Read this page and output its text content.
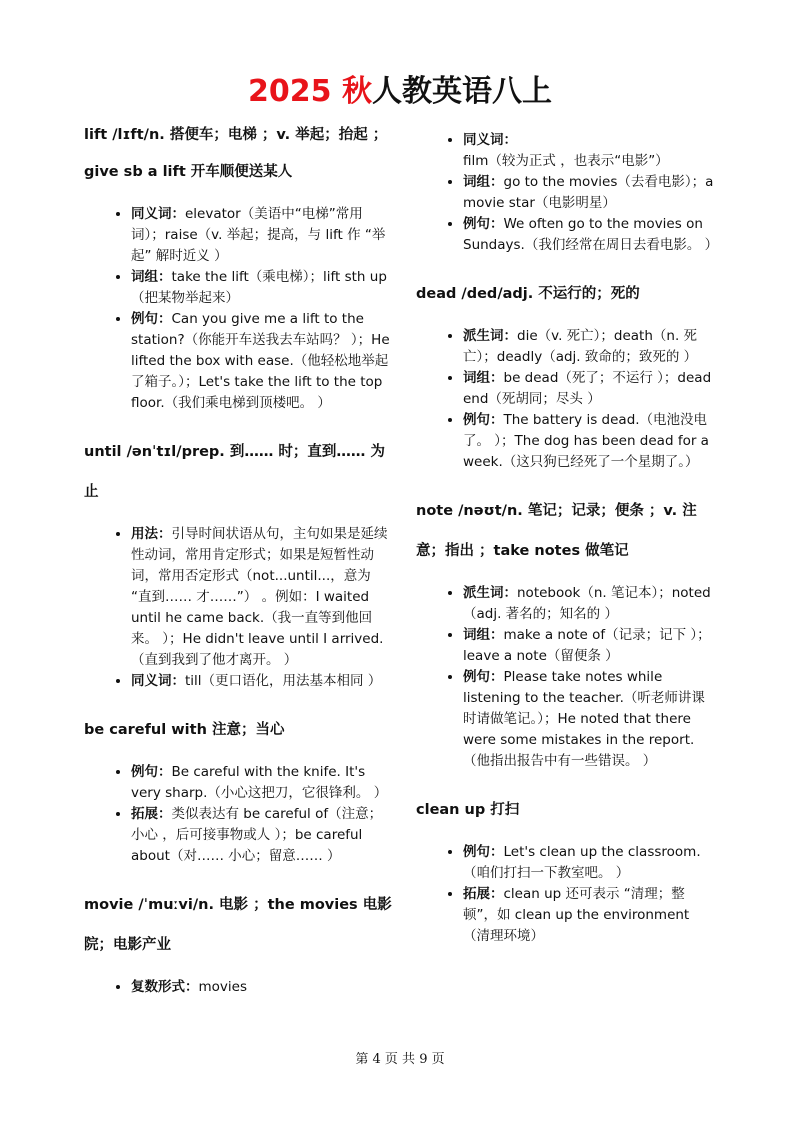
2025 秋人教英语八上

lift /lɪft/n. 搭便车；电梯 ；v. 举起；抬起 ；

give sb a lift 开车顺便送某人

• 同义词：elevator（美语中“电梯”常用词）；raise（v. 举起；提高，与 lift 作 “举起” 解时近义 ）
• 词组：take the lift（乘电梯）；lift sth up（把某物举起来）
• 例句：Can you give me a lift to the station?（你能开车送我去车站吗？ ）；He lifted the box with ease.（他轻松地举起了箱子。）；Let's take the lift to the top floor.（我们乘电梯到顶楼吧。 ）

until /ənˈtɪl/prep. 到…… 时；直到…… 为止

• 用法：引导时间状语从句，主句如果是延续性动词，常用肯定形式；如果是短暂性动词，常用否定形式（not...until...，意为 “直到…… 才……”） 。例如：I waited until he came back.（我一直等到他回来。 ）；He didn't leave until I arrived.（直到我到了他才离开。 ）
• 同义词：till（更口语化，用法基本相同 ）

be careful with 注意；当心

• 例句：Be careful with the knife. It's very sharp.（小心这把刀，它很锋利。 ）
• 拓展：类似表达有 be careful of（注意；小心 ，后可接事物或人 ）；be careful about（对…… 小心；留意…… ）

movie /ˈmuːvi/n. 电影 ；the movies 电影院；电影产业

• 复数形式：movies
• 同义词：film（较为正式 ，也表示“电影”）
• 词组：go to the movies（去看电影）；a movie star（电影明星）
• 例句：We often go to the movies on Sundays.（我们经常在周日去看电影。 ）

dead /ded/adj. 不运行的；死的

• 派生词：die（v. 死亡）；death（n. 死亡）；deadly（adj. 致命的；致死的 ）
• 词组：be dead（死了；不运行 ）；dead end（死胡同；尽头 ）
• 例句：The battery is dead.（电池没电了。 ）；The dog has been dead for a week.（这只狗已经死了一个星期了。）

note /nəʊt/n. 笔记；记录；便条 ；v. 注意；指出 ；take notes 做笔记

• 派生词：notebook（n. 笔记本）；noted（adj. 著名的；知名的 ）
• 词组：make a note of（记录；记下 ）；leave a note（留便条 ）
• 例句：Please take notes while listening to the teacher.（听老师讲课时请做笔记。）；He noted that there were some mistakes in the report.（他指出报告中有一些错误。 ）

clean up 打扫

• 例句：Let's clean up the classroom.（咱们打扫一下教室吧。 ）
• 拓展：clean up 还可表示 “清理；整顿”，如 clean up the environment（清理环境）
第 4 页 共 9 页
